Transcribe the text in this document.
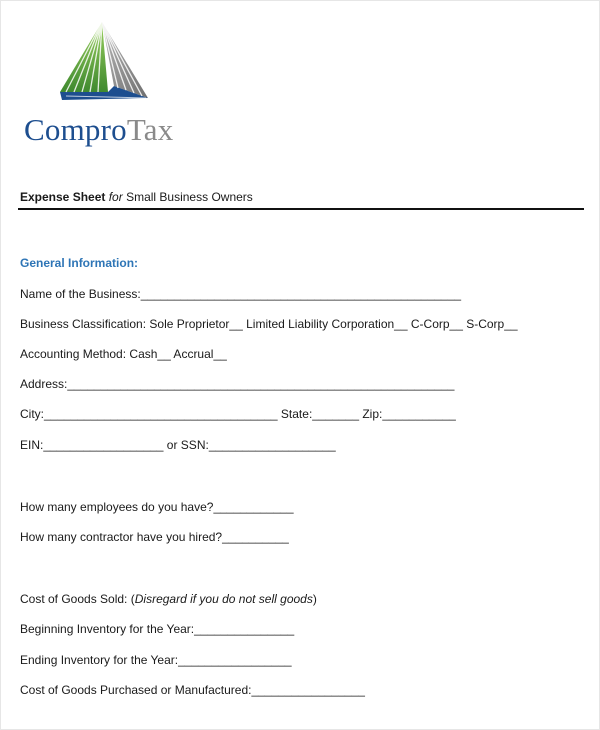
ComproTax
Expense Sheet for Small Business Owners
General Information:
Name of the Business:________________________________________________
Business Classification: Sole Proprietor__ Limited Liability Corporation__ C-Corp__ S-Corp__
Accounting Method: Cash__ Accrual__
Address:__________________________________________________________
City:___________________________________ State:_______ Zip:___________
EIN:__________________ or SSN:___________________
How many employees do you have?____________
How many contractor have you hired?__________
Cost of Goods Sold: (Disregard if you do not sell goods)
Beginning Inventory for the Year:_______________
Ending Inventory for the Year:_________________
Cost of Goods Purchased or Manufactured:_________________
